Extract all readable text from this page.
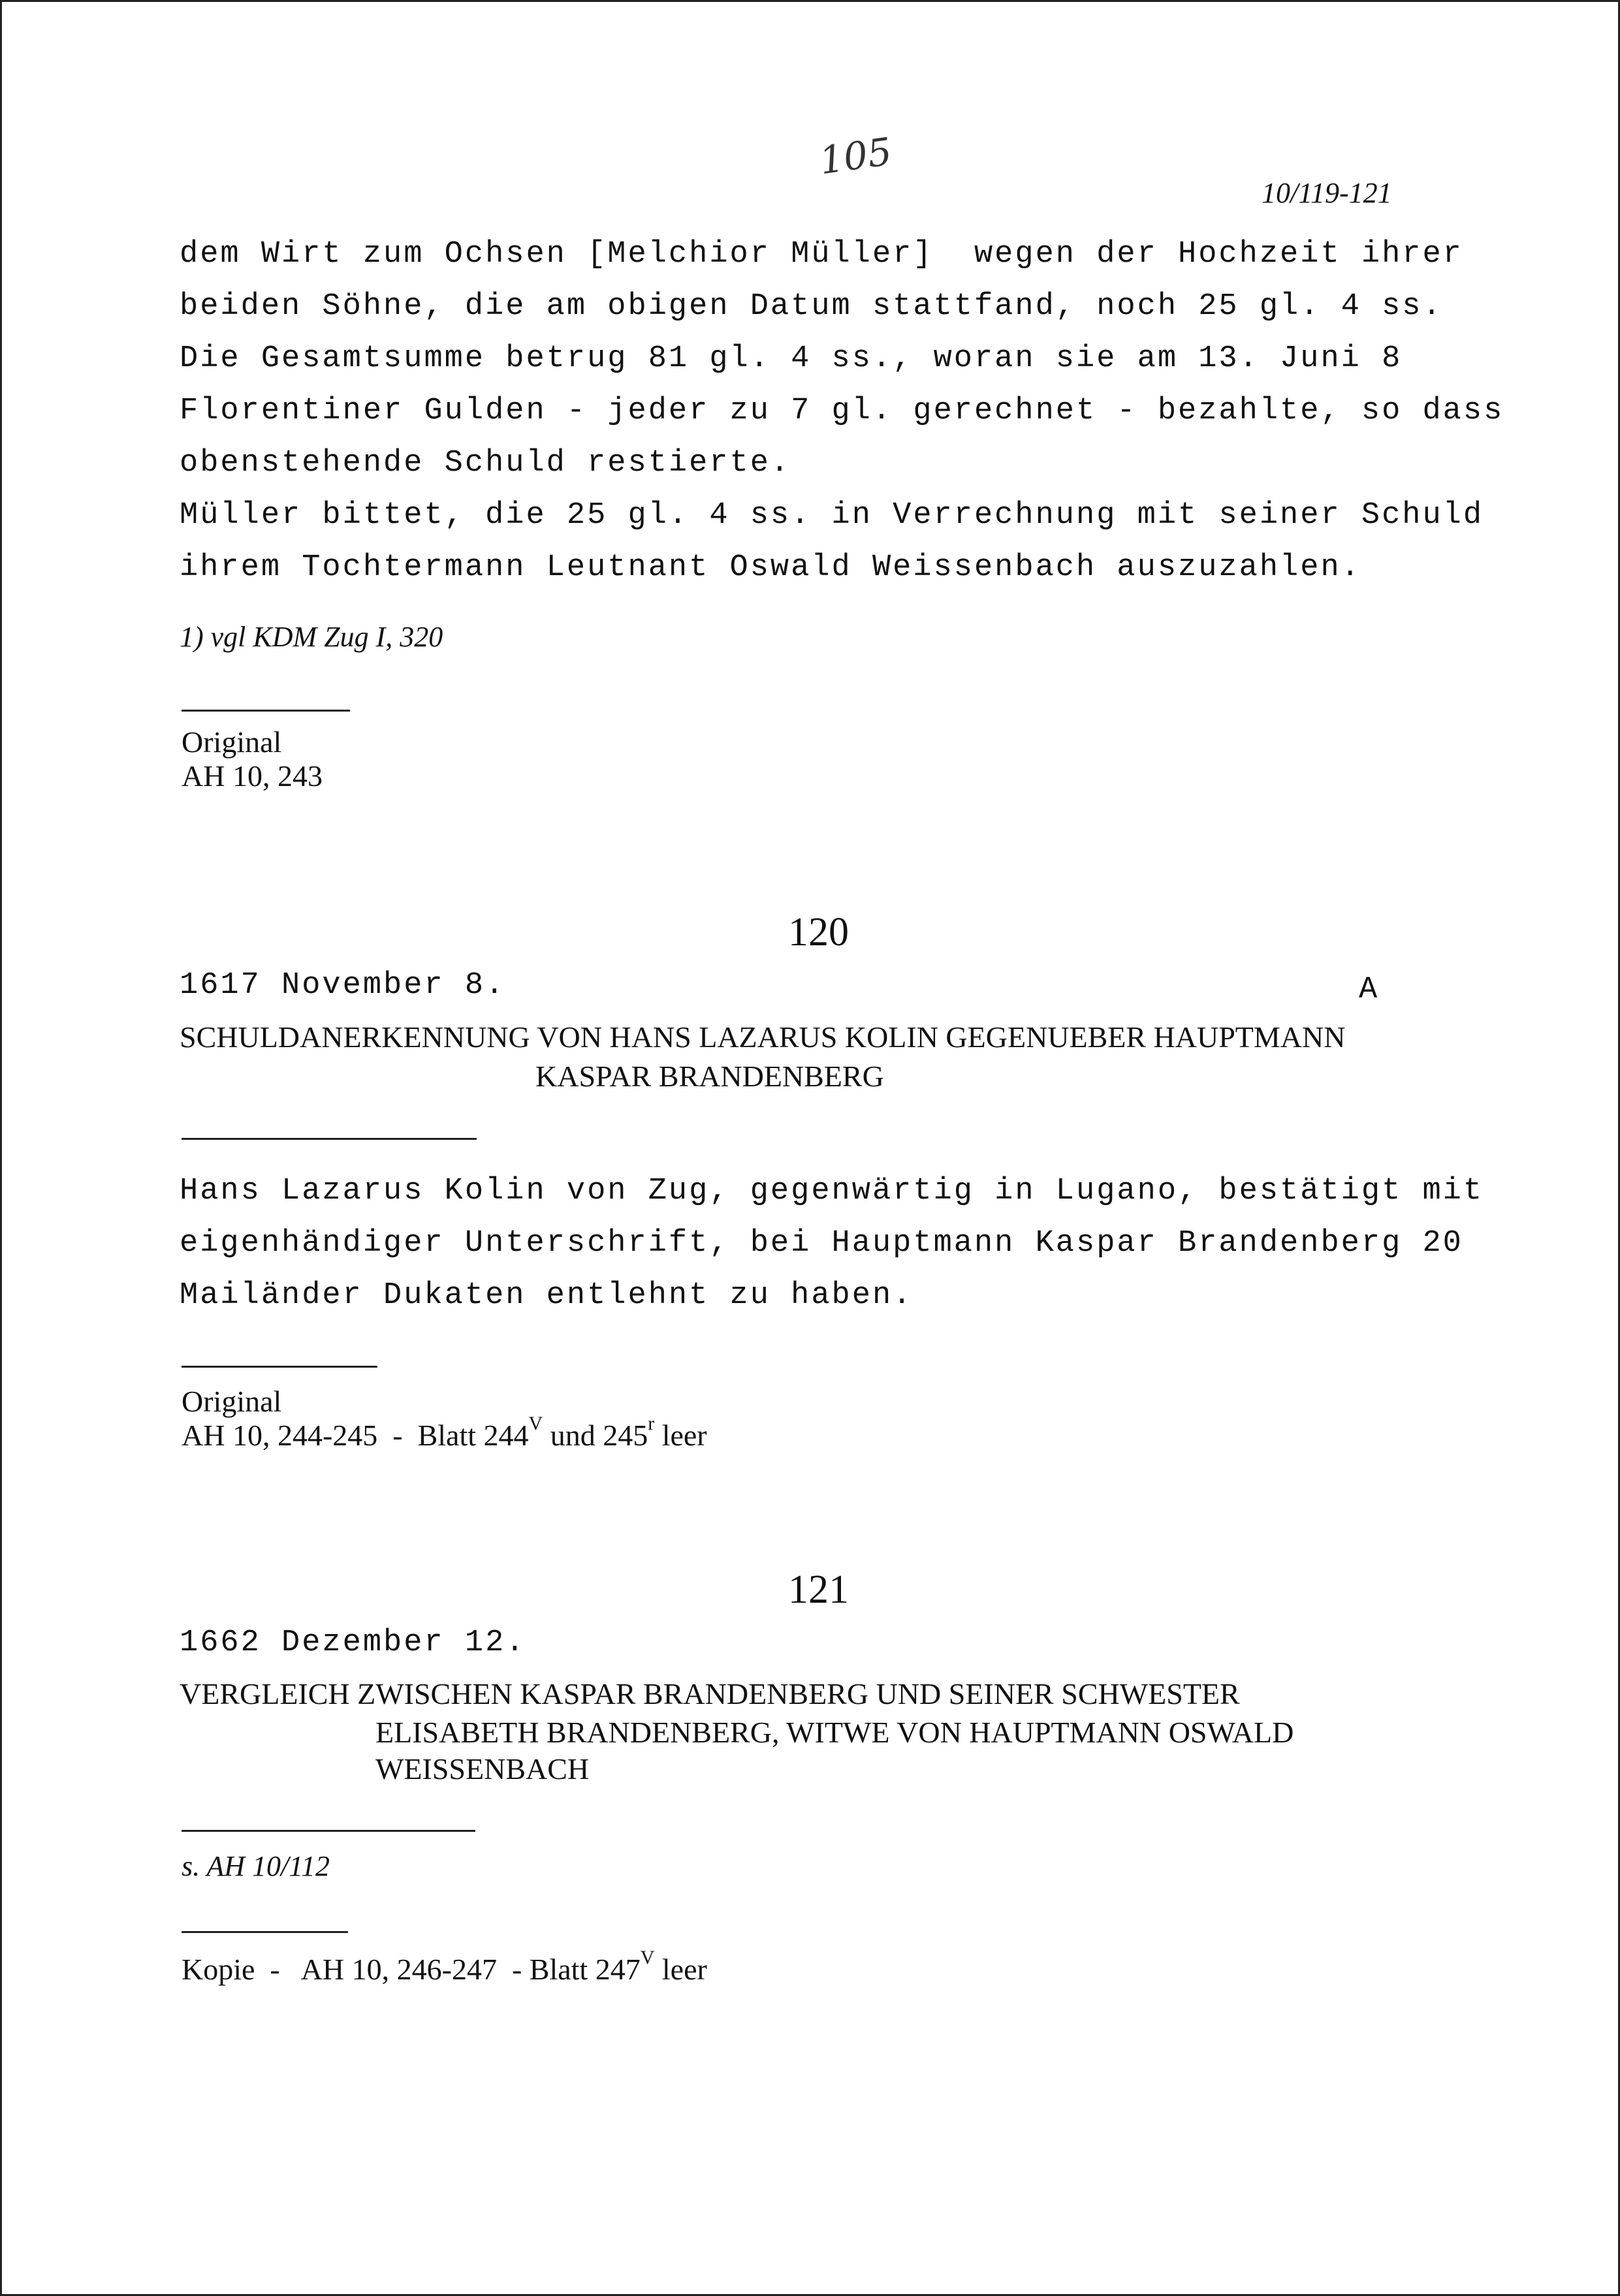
105
10/119-121
dem Wirt zum Ochsen [Melchior Müller]  wegen der Hochzeit ihrer
beiden Söhne, die am obigen Datum stattfand, noch 25 gl. 4 ss.
Die Gesamtsumme betrug 81 gl. 4 ss., woran sie am 13. Juni 8
Florentiner Gulden - jeder zu 7 gl. gerechnet - bezahlte, so dass
obenstehende Schuld restierte.
Müller bittet, die 25 gl. 4 ss. in Verrechnung mit seiner Schuld
ihrem Tochtermann Leutnant Oswald Weissenbach auszuzahlen.
1) vgl KDM Zug I, 320
Original
AH 10, 243
120
1617 November 8.	A
SCHULDANERKENNUNG VON HANS LAZARUS KOLIN GEGENUEBER HAUPTMANN
KASPAR BRANDENBERG
Hans Lazarus Kolin von Zug, gegenwärtig in Lugano, bestätigt mit
eigenhändiger Unterschrift, bei Hauptmann Kaspar Brandenberg 20
Mailänder Dukaten entlehnt zu haben.
Original
AH 10, 244-245  -  Blatt $244^V$ und 245$^r$ leer
121
1662 Dezember 12.
VERGLEICH ZWISCHEN KASPAR BRANDENBERG UND SEINER SCHWESTER
ELISABETH BRANDENBERG, WITWE VON HAUPTMANN OSWALD
WEISSENBACH
s. AH 10/112
Kopie  -   AH 10, 246-247  - Blatt $247^V$ leer
